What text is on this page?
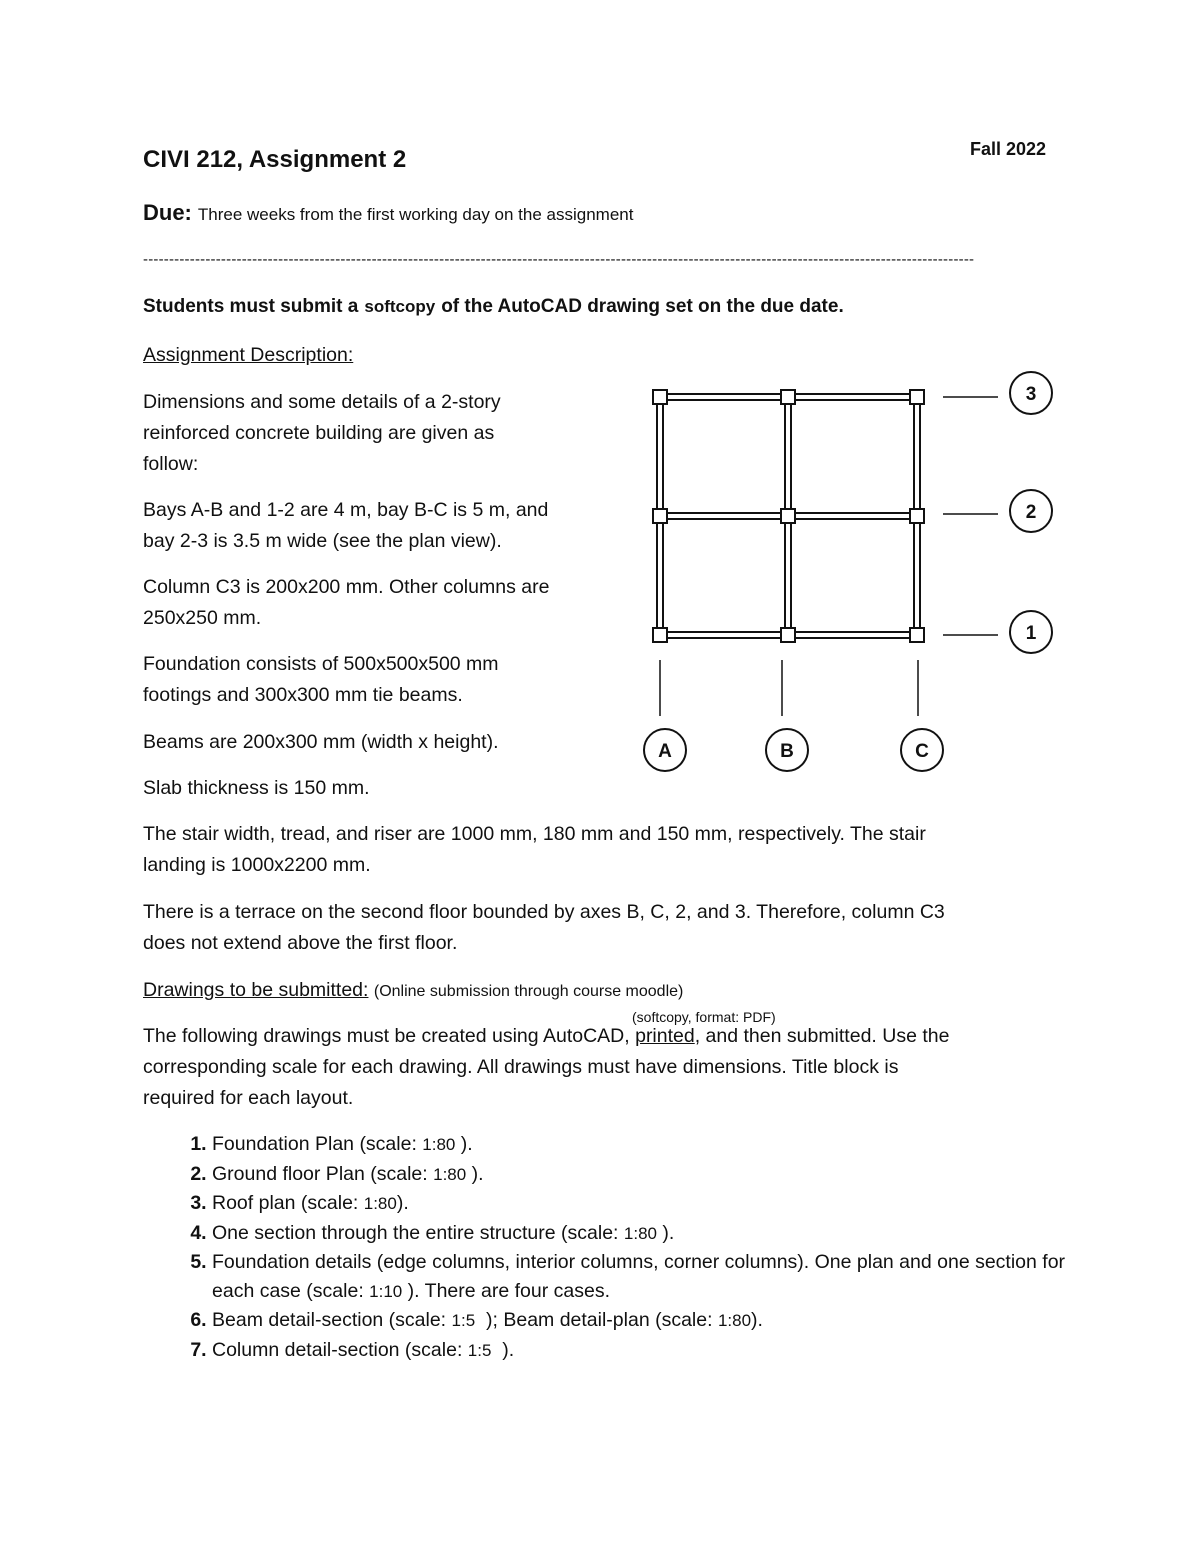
CIVI 212, Assignment 2	Fall 2022
Due: Three weeks from the first working day on the assignment
----------------------------------------------------------------------------------------------------------------------------------------------------------------
Students must submit a softcopy of the AutoCAD drawing set on the due date.
Assignment Description:
Dimensions and some details of a 2-story
reinforced concrete building are given as
follow:
Bays A-B and 1-2 are 4 m, bay B-C is 5 m, and
bay 2-3 is 3.5 m wide (see the plan view).
Column C3 is 200x200 mm. Other columns are
250x250 mm.
Foundation consists of 500x500x500 mm
footings and 300x300 mm tie beams.
Beams are 200x300 mm (width x height).
Slab thickness is 150 mm.
The stair width, tread, and riser are 1000 mm, 180 mm and 150 mm, respectively. The stair
landing is 1000x2200 mm.
There is a terrace on the second floor bounded by axes B, C, 2, and 3. Therefore, column C3
does not extend above the first floor.
3
2
1
A	B	C
Drawings to be submitted: (Online submission through course moodle)
(softcopy, format: PDF)
The following drawings must be created using AutoCAD, printed, and then submitted. Use the
corresponding scale for each drawing. All drawings must have dimensions. Title block is
required for each layout.
1. Foundation Plan (scale: 1:80 ).
2. Ground floor Plan (scale: 1:80 ).
3. Roof plan (scale: 1:80).
4. One section through the entire structure (scale: 1:80 ).
5. Foundation details (edge columns, interior columns, corner columns). One plan and one section for each case (scale: 1:10 ). There are four cases.
6. Beam detail-section (scale: 1:5  ); Beam detail-plan (scale: 1:80).
7. Column detail-section (scale: 1:5  ).
